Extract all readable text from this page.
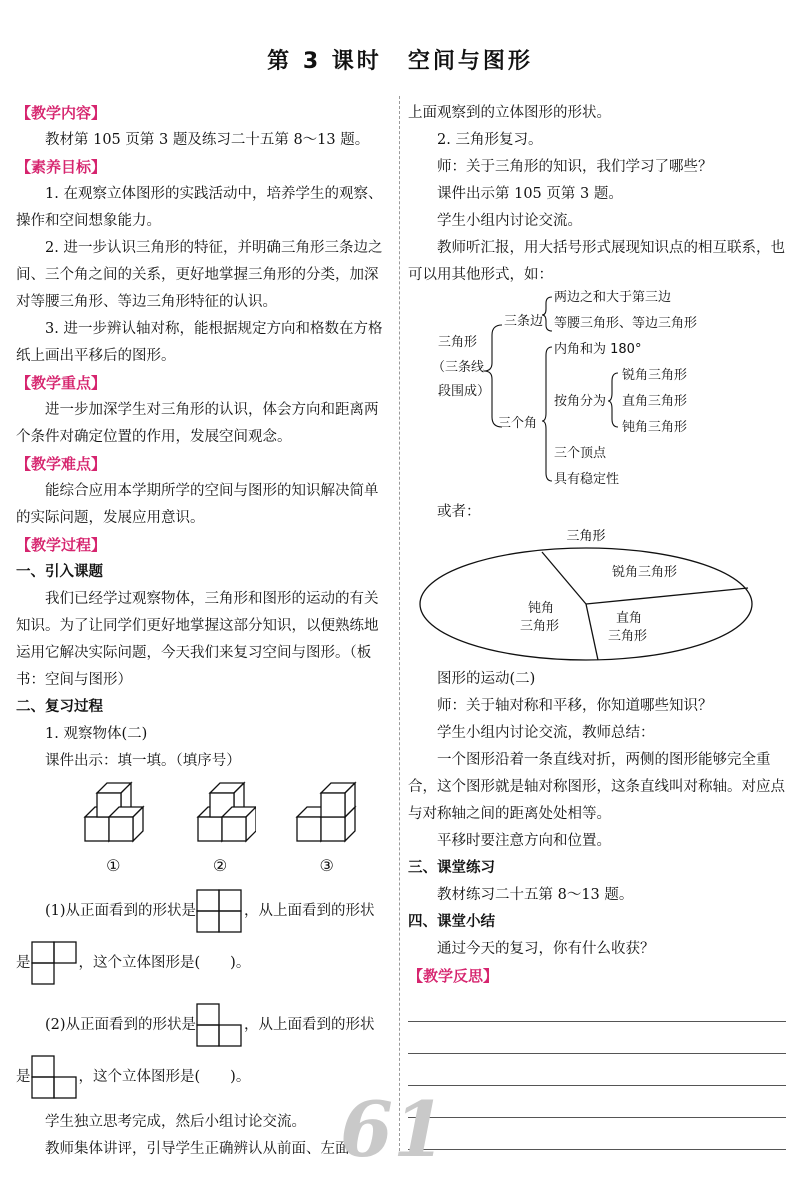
第 3 课时 空间与图形
【教学内容】

教材第 105 页第 3 题及练习二十五第 8～13 题。

【素养目标】

1. 在观察立体图形的实践活动中，培养学生的观察、操作和空间想象能力。

2. 进一步认识三角形的特征，并明确三角形三条边之间、三个角之间的关系，更好地掌握三角形的分类，加深对等腰三角形、等边三角形特征的认识。

3. 进一步辨认轴对称，能根据规定方向和格数在方格纸上画出平移后的图形。

【教学重点】

进一步加深学生对三角形的认识，体会方向和距离两个条件对确定位置的作用，发展空间观念。

【教学难点】

能综合应用本学期所学的空间与图形的知识解决简单的实际问题，发展应用意识。

【教学过程】
一、引入课题

我们已经学过观察物体，三角形和图形的运动的有关知识。为了让同学们更好地掌握这部分知识，以便熟练地运用它解决实际问题，今天我们来复习空间与图形。（板书：空间与图形）

二、复习过程

1. 观察物体(二)

课件出示：填一填。（填序号）

①	②	③
(1)从正面看到的形状是	，从上面看到的形状
是	，这个立体图形是( )。
(2)从正面看到的形状是	，从上面看到的形状
是	，这个立体图形是( )。

学生独立思考完成，然后小组讨论交流。

教师集体讲评，引导学生正确辨认从前面、左面、

上面观察到的立体图形的形状。

2. 三角形复习。

师：关于三角形的知识，我们学习了哪些？

课件出示第 105 页第 3 题。

学生小组内讨论交流。

教师听汇报，用大括号形式展现知识点的相互联系，也可以用其他形式，如：

三角形
（三条线
段围成）
三条边
两边之和大于第三边
等腰三角形、等边三角形
三个角
内角和为 180°
按角分为
锐角三角形
直角三角形
钝角三角形
三个顶点
具有稳定性

或者：

三角形
锐角三角形
钝角
三角形
直角
三角形

图形的运动(二)

师：关于轴对称和平移，你知道哪些知识？

学生小组内讨论交流，教师总结：

一个图形沿着一条直线对折，两侧的图形能够完全重合，这个图形就是轴对称图形，这条直线叫对称轴。对应点与对称轴之间的距离处处相等。

平移时要注意方向和位置。

三、课堂练习

教材练习二十五第 8～13 题。

四、课堂小结

通过今天的复习，你有什么收获？

【教学反思】
61
